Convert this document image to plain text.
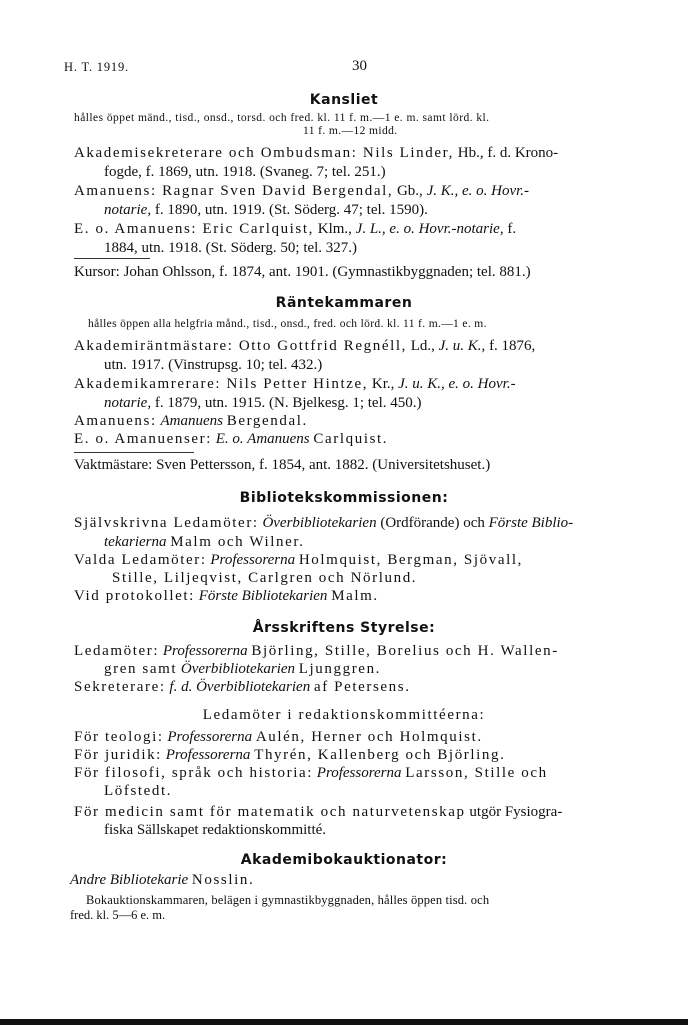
H. T. 1919.	30
Kansliet
hålles öppet mänd., tisd., onsd., torsd. och fred. kl. 11 f. m.—1 e. m. samt lörd. kl.
11 f. m.—12 midd.
Akademisekreterare och Ombudsman: Nils Linder, Hb., f. d. Krono-
fogde, f. 1869, utn. 1918. (Svaneg. 7; tel. 251.)
Amanuens: Ragnar Sven David Bergendal, Gb., J. K., e. o. Hovr.-
notarie, f. 1890, utn. 1919. (St. Söderg. 47; tel. 1590).
E. o. Amanuens: Eric Carlquist, Klm., J. L., e. o. Hovr.-notarie, f.
1884, utn. 1918. (St. Söderg. 50; tel. 327.)
Kursor: Johan Ohlsson, f. 1874, ant. 1901. (Gymnastikbyggnaden; tel. 881.)
Räntekammaren
hålles öppen alla helgfria månd., tisd., onsd., fred. och lörd. kl. 11 f. m.—1 e. m.
Akademiräntmästare: Otto Gottfrid Regnéll, Ld., J. u. K., f. 1876,
utn. 1917. (Vinstrupsg. 10; tel. 432.)
Akademikamrerare: Nils Petter Hintze, Kr., J. u. K., e. o. Hovr.-
notarie, f. 1879, utn. 1915. (N. Bjelkesg. 1; tel. 450.)
Amanuens: Amanuens Bergendal.
E. o. Amanuenser: E. o. Amanuens Carlquist.
Vaktmästare: Sven Pettersson, f. 1854, ant. 1882. (Universitetshuset.)
Bibliotekskommissionen:
Självskrivna Ledamöter: Överbibliotekarien (Ordförande) och Förste Biblio-
tekarierna Malm och Wilner.
Valda Ledamöter: Professorerna Holmquist, Bergman, Sjövall,
Stille, Liljeqvist, Carlgren och Nörlund.
Vid protokollet: Förste Bibliotekarien Malm.
Årsskriftens Styrelse:
Ledamöter: Professorerna Björling, Stille, Borelius och H. Wallen-
gren samt Överbibliotekarien Ljunggren.
Sekreterare: f. d. Överbibliotekarien af Petersens.
Ledamöter i redaktionskommittéerna:
För teologi: Professorerna Aulén, Herner och Holmquist.
För juridik: Professorerna Thyrén, Kallenberg och Björling.
För filosofi, språk och historia: Professorerna Larsson, Stille och
Löfstedt.
För medicin samt för matematik och naturvetenskap utgör Fysiogra-
fiska Sällskapet redaktionskommitté.
Akademibokauktionator:
Andre Bibliotekarie Nosslin.
Bokauktionskammaren, belägen i gymnastikbyggnaden, hålles öppen tisd. och
fred. kl. 5—6 e. m.
